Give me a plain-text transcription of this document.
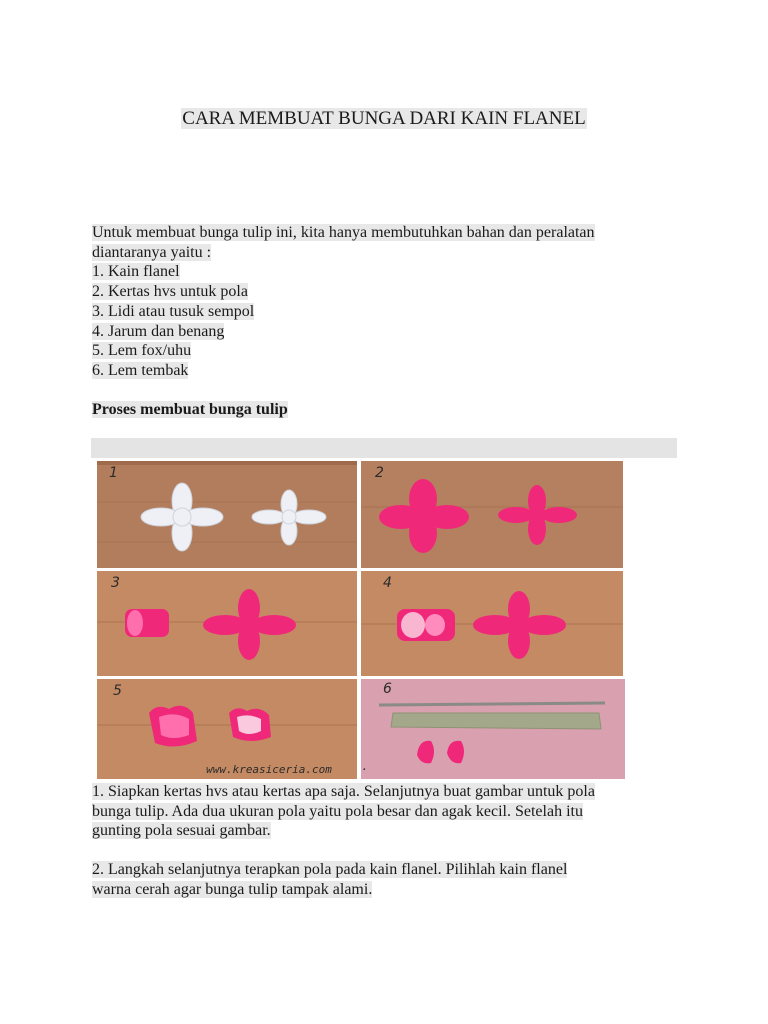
CARA MEMBUAT BUNGA DARI KAIN FLANEL
Untuk membuat bunga tulip ini, kita hanya membutuhkan bahan dan peralatan
diantaranya yaitu :
1. Kain flanel
2. Kertas hvs untuk pola
3. Lidi atau tusuk sempol
4. Jarum dan benang
5. Lem fox/uhu
6. Lem tembak
Proses membuat bunga tulip
1	2
3	4
5
www.kreasiceria.com
6
·
1. Siapkan kertas hvs atau kertas apa saja. Selanjutnya buat gambar untuk pola
bunga tulip. Ada dua ukuran pola yaitu pola besar dan agak kecil. Setelah itu
gunting pola sesuai gambar.
2. Langkah selanjutnya terapkan pola pada kain flanel. Pilihlah kain flanel
warna cerah agar bunga tulip tampak alami.
